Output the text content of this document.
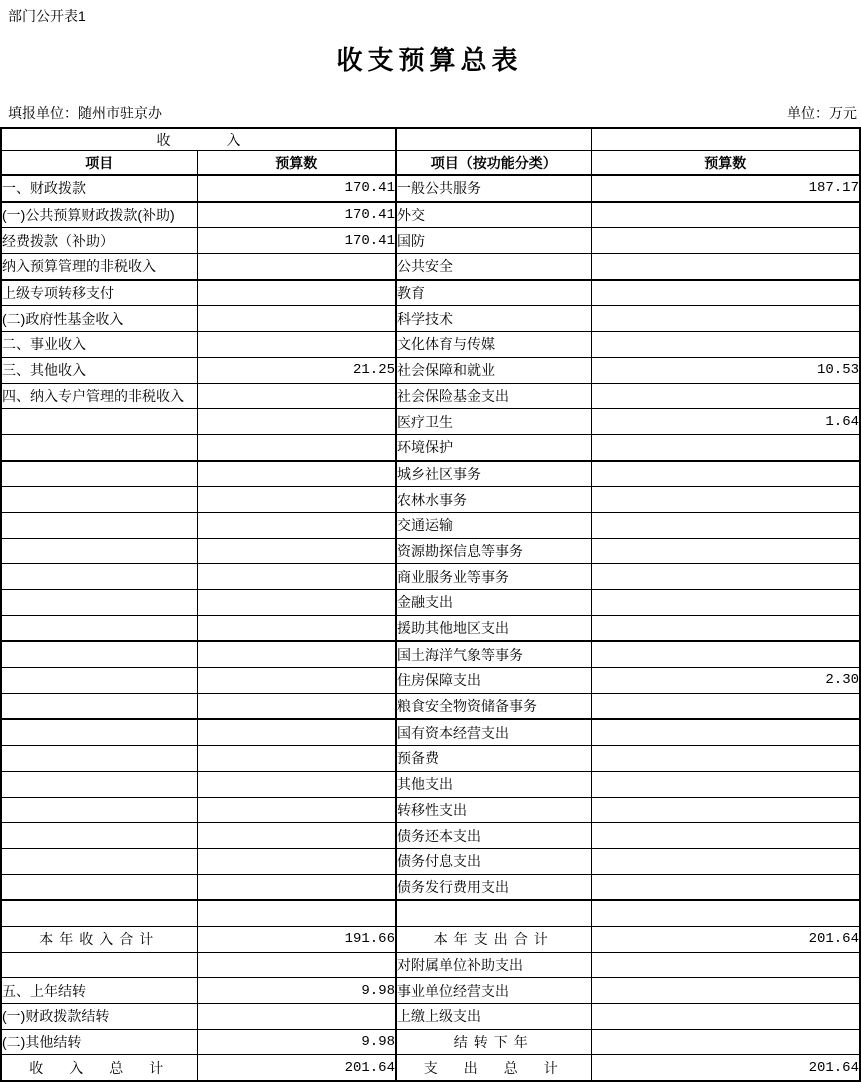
部门公开表1
收支预算总表
填报单位：随州市驻京办	单位：万元
收　　　　入			
项目	预算数	项目（按功能分类）	预算数
一、财政拨款	170.41	一般公共服务	187.17
(一)公共预算财政拨款(补助)	170.41	外交	
经费拨款（补助）	170.41	国防	
纳入预算管理的非税收入		公共安全	
上级专项转移支付		教育	
(二)政府性基金收入		科学技术	
二、事业收入		文化体育与传媒	
三、其他收入	21.25	社会保障和就业	10.53
四、纳入专户管理的非税收入		社会保险基金支出	
		医疗卫生	1.64
		环境保护	
		城乡社区事务	
		农林水事务	
		交通运输	
		资源勘探信息等事务	
		商业服务业等事务	
		金融支出	
		援助其他地区支出	
		国土海洋气象等事务	
		住房保障支出	2.30
		粮食安全物资储备事务	
		国有资本经营支出	
		预备费	
		其他支出	
		转移性支出	
		债务还本支出	
		债务付息支出	
		债务发行费用支出	

本年收入合计	191.66	本年支出合计	201.64
		对附属单位补助支出	
五、上年结转	9.98	事业单位经营支出	
(一)财政拨款结转		上缴上级支出	
(二)其他结转	9.98	结转下年	
收　入　总　计	201.64	支　出　总　计	201.64
